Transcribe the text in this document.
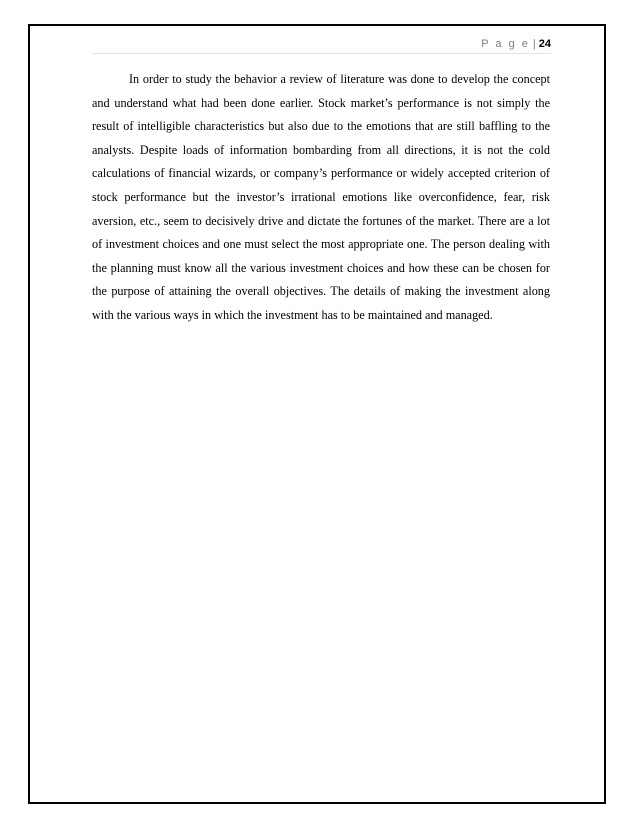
P a g e | 24

In order to study the behavior a review of literature was done to develop the concept and understand what had been done earlier. Stock market’s performance is not simply the result of intelligible characteristics but also due to the emotions that are still baffling to the analysts. Despite loads of information bombarding from all directions, it is not the cold calculations of financial wizards, or company’s performance or widely accepted criterion of stock performance but the investor’s irrational emotions like overconfidence, fear, risk aversion, etc., seem to decisively drive and dictate the fortunes of the market. There are a lot of investment choices and one must select the most appropriate one. The person dealing with the planning must know all the various investment choices and how these can be chosen for the purpose of attaining the overall objectives. The details of making the investment along with the various ways in which the investment has to be maintained and managed.
